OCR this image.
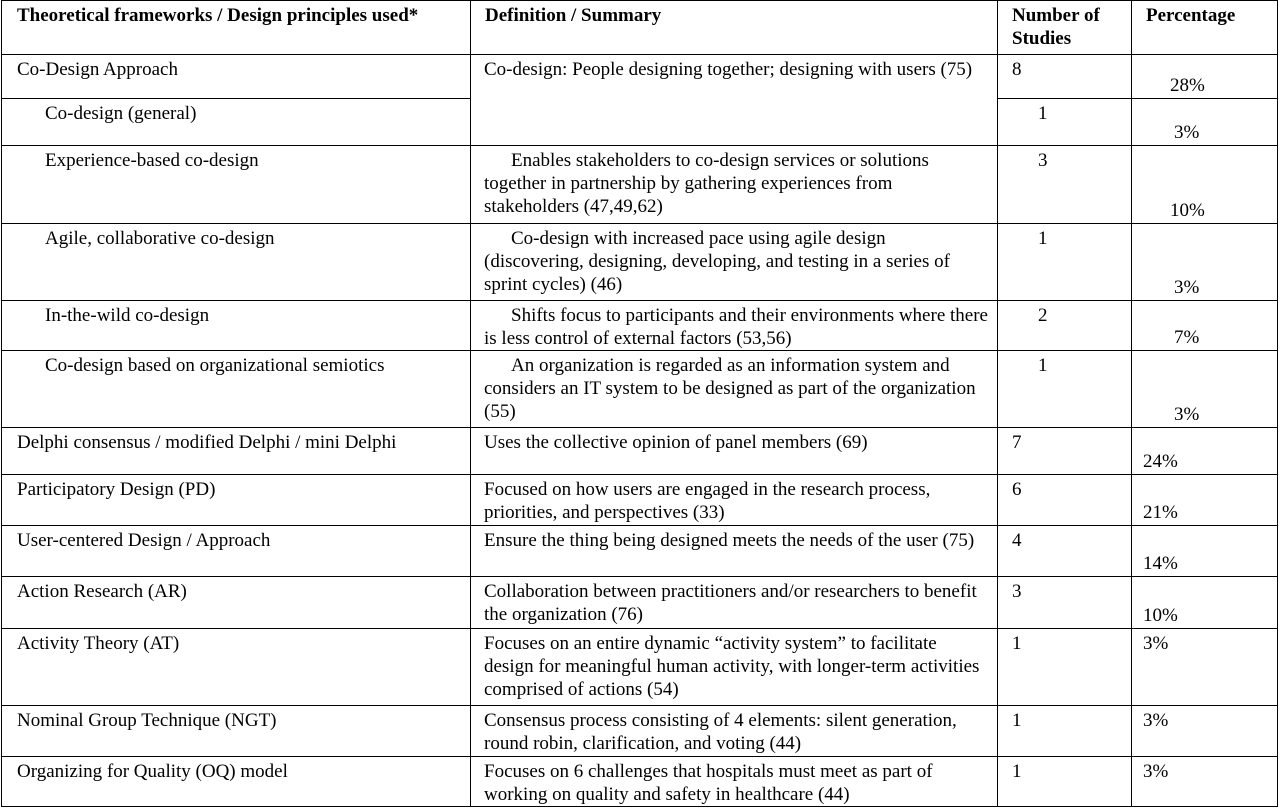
Theoretical frameworks / Design principles used*	Definition / Summary	Number of Studies	Percentage
Co-Design Approach	Co-design: People designing together; designing with users (75)	8	28%
Co-design (general)		1	3%
Experience-based co-design	Enables stakeholders to co-design services or solutions together in partnership by gathering experiences from stakeholders (47,49,62)	3	10%
Agile, collaborative co-design	Co-design with increased pace using agile design (discovering, designing, developing, and testing in a series of sprint cycles) (46)	1	3%
In-the-wild co-design	Shifts focus to participants and their environments where there is less control of external factors (53,56)	2	7%
Co-design based on organizational semiotics	An organization is regarded as an information system and considers an IT system to be designed as part of the organization (55)	1	3%
Delphi consensus / modified Delphi / mini Delphi	Uses the collective opinion of panel members (69)	7	24%
Participatory Design (PD)	Focused on how users are engaged in the research process, priorities, and perspectives (33)	6	21%
User-centered Design / Approach	Ensure the thing being designed meets the needs of the user (75)	4	14%
Action Research (AR)	Collaboration between practitioners and/or researchers to benefit the organization (76)	3	10%
Activity Theory (AT)	Focuses on an entire dynamic “activity system” to facilitate design for meaningful human activity, with longer-term activities comprised of actions (54)	1	3%
Nominal Group Technique (NGT)	Consensus process consisting of 4 elements: silent generation, round robin, clarification, and voting (44)	1	3%
Organizing for Quality (OQ) model	Focuses on 6 challenges that hospitals must meet as part of working on quality and safety in healthcare (44)	1	3%
